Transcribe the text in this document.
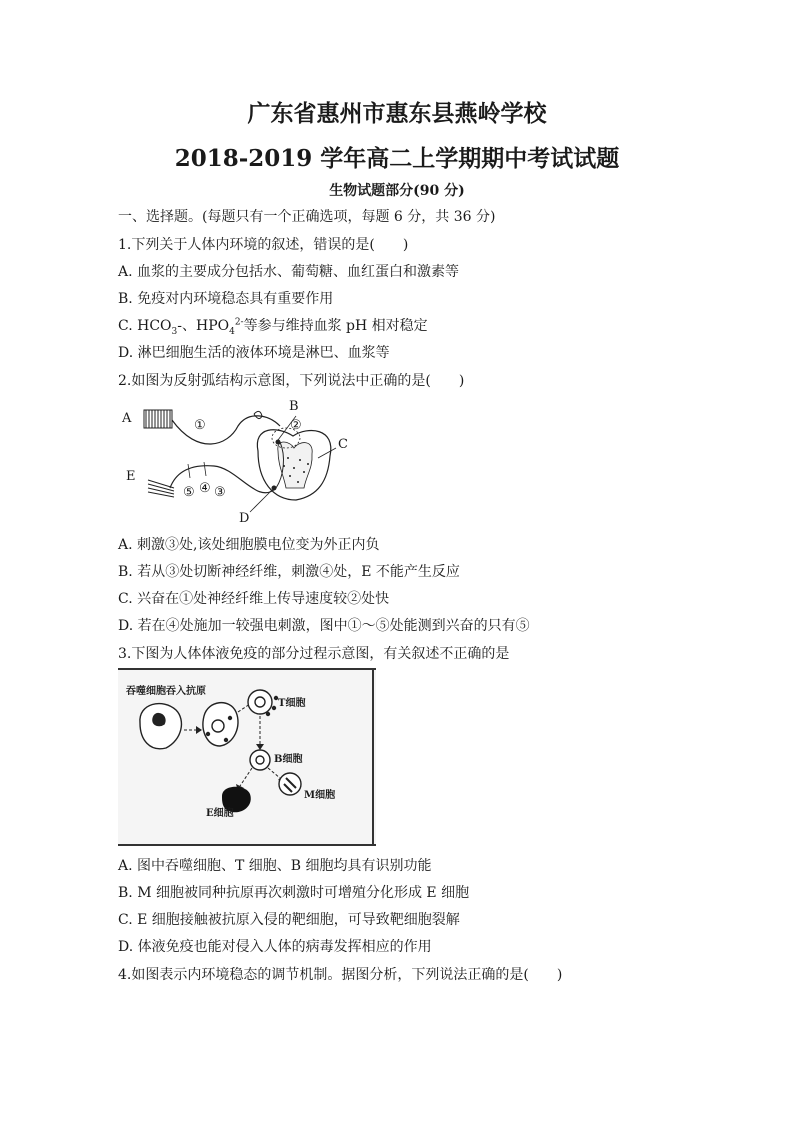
广东省惠州市惠东县燕岭学校
2018-2019 学年高二上学期期中考试试题
生物试题部分(90 分)
一、选择题。(每题只有一个正确选项，每题 6 分，共 36 分)
1.下列关于人体内环境的叙述，错误的是(　　)
A. 血浆的主要成分包括水、葡萄糖、血红蛋白和激素等
B. 免疫对内环境稳态具有重要作用
C. $HCO_3-$、$HPO_4^{2-}$等参与维持血浆 pH 相对稳定
D. 淋巴细胞生活的液体环境是淋巴、血浆等
2.如图为反射弧结构示意图，下列说法中正确的是(　　)
A
B
C
D
E
①	②
③
④
⑤
A. 刺激③处,该处细胞膜电位变为外正内负
B. 若从③处切断神经纤维，刺激④处，E 不能产生反应
C. 兴奋在①处神经纤维上传导速度较②处快
D. 若在④处施加一较强电刺激，图中①～⑤处能测到兴奋的只有⑤
3.下图为人体体液免疫的部分过程示意图，有关叙述不正确的是
吞噬细胞吞入抗原
T细胞
B细胞
M细胞
E细胞
A. 图中吞噬细胞、T 细胞、B 细胞均具有识别功能
B. M 细胞被同种抗原再次刺激时可增殖分化形成 E 细胞
C. E 细胞接触被抗原入侵的靶细胞，可导致靶细胞裂解
D. 体液免疫也能对侵入人体的病毒发挥相应的作用
4.如图表示内环境稳态的调节机制。据图分析，下列说法正确的是(　　)
